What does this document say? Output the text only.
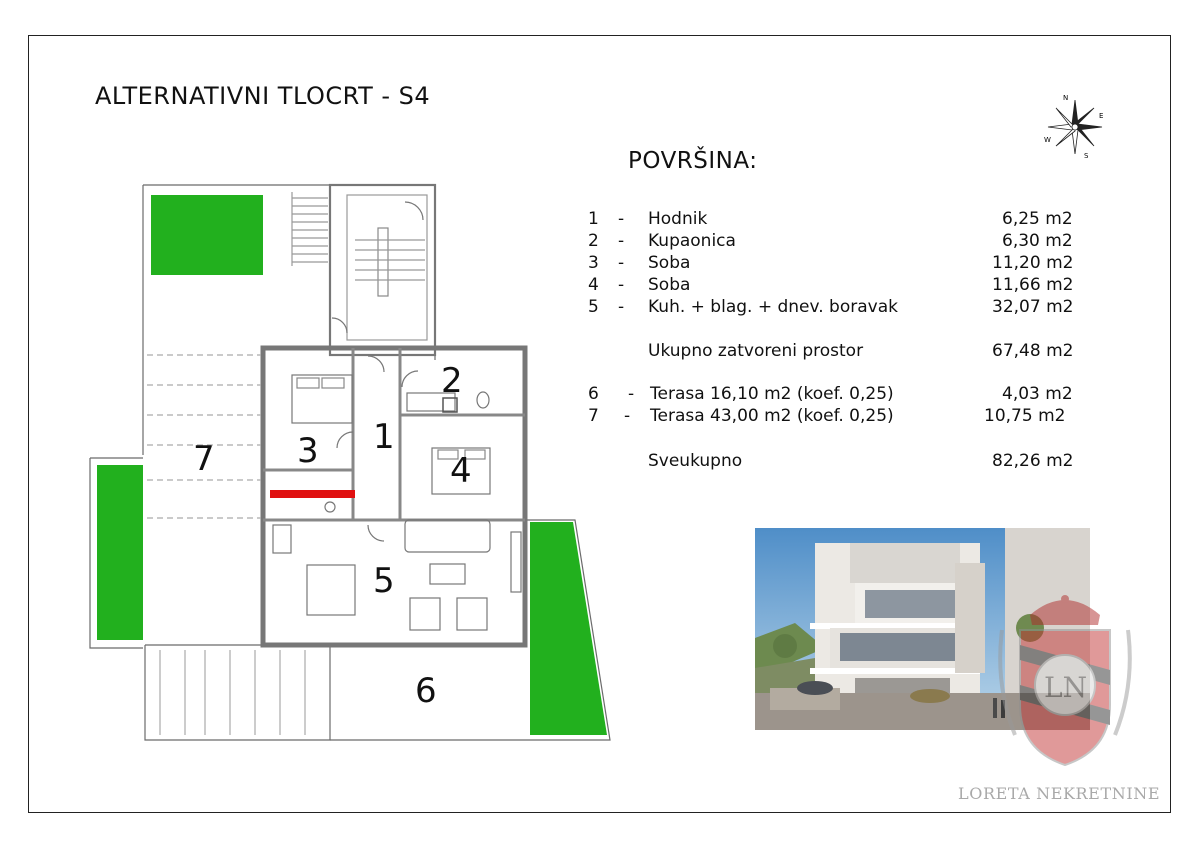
ALTERNATIVNI TLOCRT - S4	N
E
S
W
POVRŠINA:
1	- Hodnik	6,25 m2
2	- Kupaonica	6,30 m2
3	- Soba	11,20 m2
4	- Soba	11,66 m2
5	- Kuh. + blag. + dnev. boravak	32,07 m2
Ukupno zatvoreni prostor	67,48 m2
6	- Terasa 16,10 m2 (koef. 0,25)	4,03 m2
7	- Terasa 43,00 m2 (koef. 0,25)	10,75 m2
Sveukupno	82,26 m2
1
2
3	4
5
6
7
LN
LORETA NEKRETNINE
